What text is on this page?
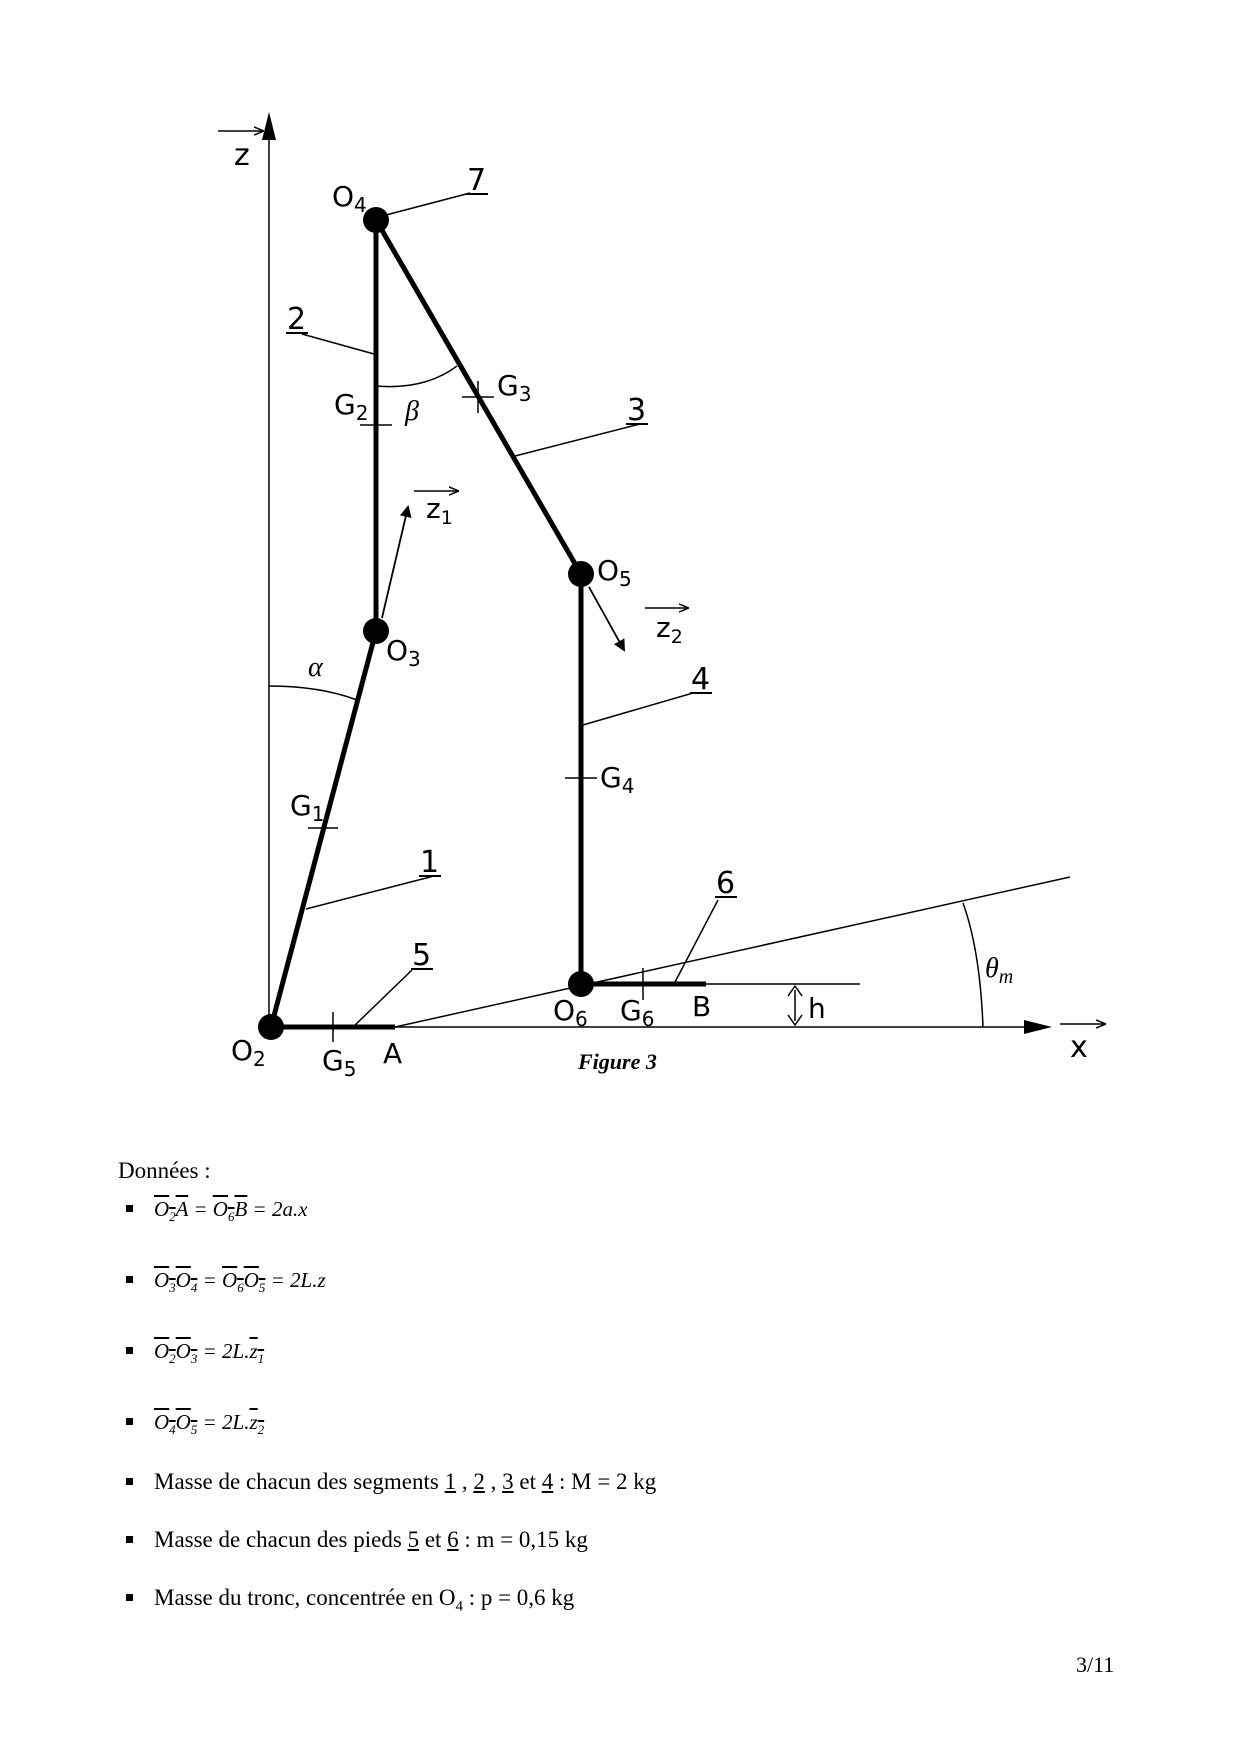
z
x
h
$\theta_m$
α
β
$z_1$
$z_2$
7
2
3
4
1
5
6
$O_4$
$O_3$
$O_5$
$O_6$
$O_2$
$G_2$
$G_3$
$G_4$
$G_1$
$G_5$
$G_6$
A
B
Figure 3
Données :
$O_2A = O_6B$ = 2a.x⃗
$O_3O_4 = O_6O_5$ = 2L.z⃗
$O_2O_3 = 2L.z_1$
$O_4O_5 = 2L.z_2$
Masse de chacun des segments 1 , 2 , 3 et 4 : M = 2 kg
Masse de chacun des pieds 5 et 6 : m = 0,15 kg
Masse du tronc, concentrée en $O_4$ : p = 0,6 kg
3/11
